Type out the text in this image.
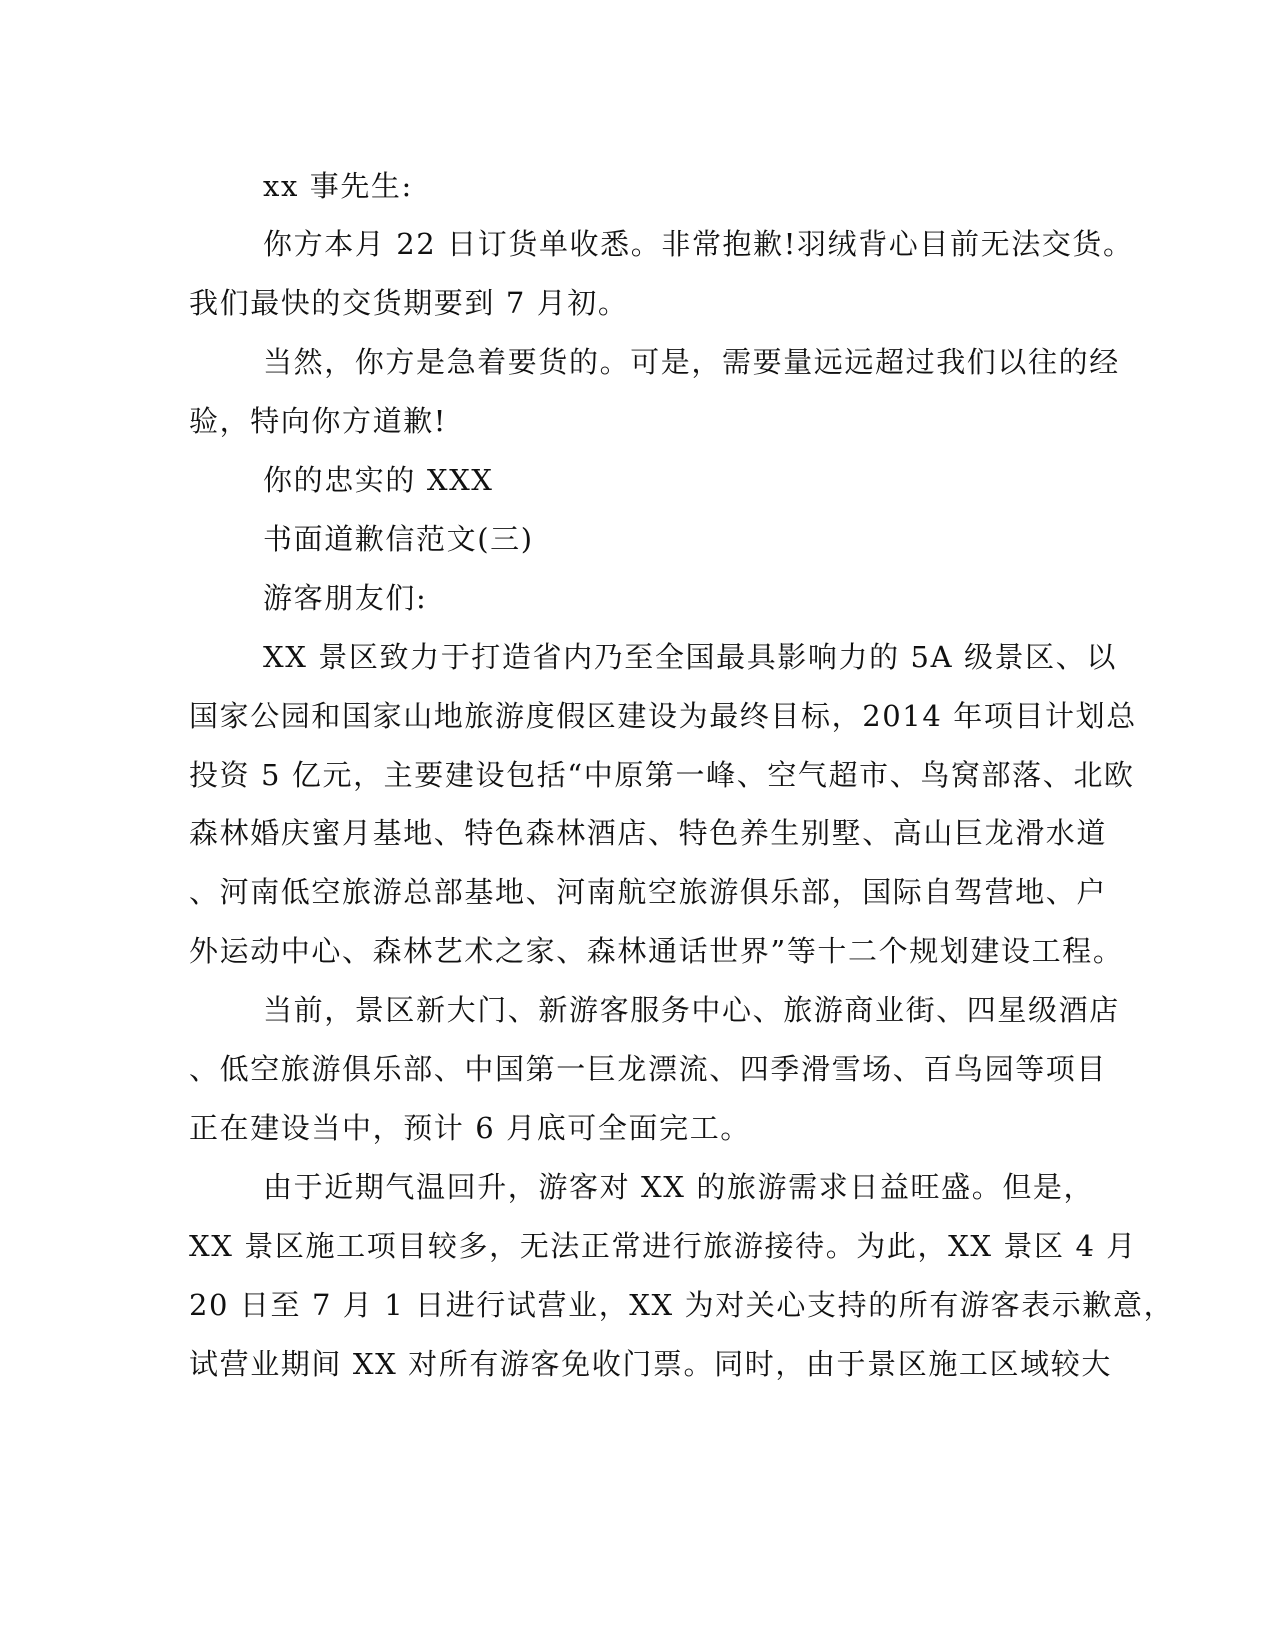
xx 事先生:
你方本月 22 日订货单收悉。非常抱歉!羽绒背心目前无法交货。
我们最快的交货期要到 7 月初。
当然，你方是急着要货的。可是，需要量远远超过我们以往的经
验，特向你方道歉!
你的忠实的 XXX
书面道歉信范文(三)
游客朋友们:
XX 景区致力于打造省内乃至全国最具影响力的 5A 级景区、以
国家公园和国家山地旅游度假区建设为最终目标，2014 年项目计划总
投资 5 亿元，主要建设包括“中原第一峰、空气超市、鸟窝部落、北欧
森林婚庆蜜月基地、特色森林酒店、特色养生别墅、高山巨龙滑水道
、河南低空旅游总部基地、河南航空旅游俱乐部，国际自驾营地、户
外运动中心、森林艺术之家、森林通话世界”等十二个规划建设工程。
当前，景区新大门、新游客服务中心、旅游商业街、四星级酒店
、低空旅游俱乐部、中国第一巨龙漂流、四季滑雪场、百鸟园等项目
正在建设当中，预计 6 月底可全面完工。
由于近期气温回升，游客对 XX 的旅游需求日益旺盛。但是，
XX 景区施工项目较多，无法正常进行旅游接待。为此，XX 景区 4 月
20 日至 7 月 1 日进行试营业，XX 为对关心支持的所有游客表示歉意，
试营业期间 XX 对所有游客免收门票。同时，由于景区施工区域较大
